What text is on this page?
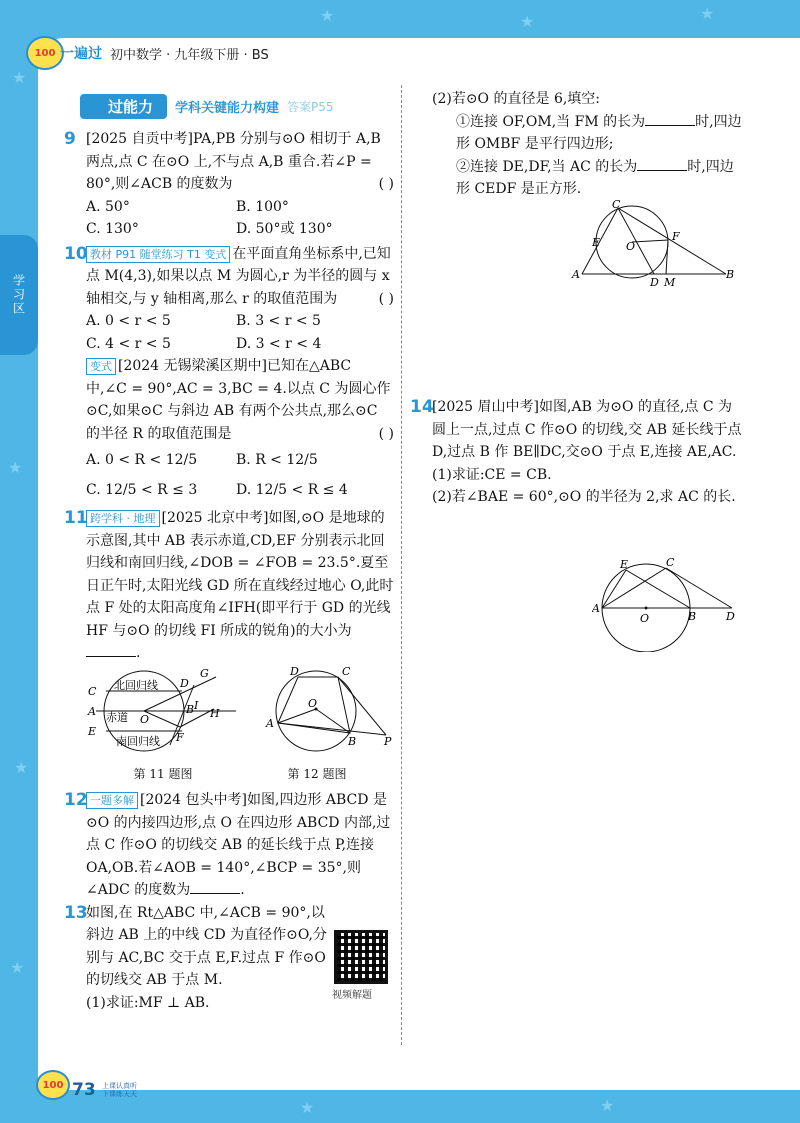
★
★
★
★
★	★	★
★	★
100 一遍过 初中数学 · 九年级下册 · BS
学习区
过能力	学科关键能力构建 答案P55
9 [2025 自贡中考]PA,PB 分别与⊙O 相切于 A,B 两点,点 C 在⊙O 上,不与点 A,B 重合.若∠P = 80°,则∠ACB 的度数为	( )
A. 50°	B. 100°
C. 130°	D. 50°或 130°
10 教材 P91 随堂练习 T1 变式 在平面直角坐标系中,已知点 M(4,3),如果以点 M 为圆心,r 为半径的圆与 x 轴相交,与 y 轴相离,那么 r 的取值范围为	( )
A. 0 < r < 5	B. 3 < r < 5
C. 4 < r < 5	D. 3 < r < 4
变式 [2024 无锡梁溪区期中]已知在△ABC 中,∠C = 90°,AC = 3,BC = 4.以点 C 为圆心作⊙C,如果⊙C 与斜边 AB 有两个公共点,那么⊙C 的半径 R 的取值范围是	( )
A. 0 < R < 12/5	B. R < 12/5
C. 12/5 < R ≤ 3	D. 12/5 < R ≤ 4
11 跨学科 · 地理 [2025 北京中考]如图,⊙O 是地球的示意图,其中 AB 表示赤道,CD,EF 分别表示北回归线和南回归线,∠DOB = ∠FOB = 23.5°.夏至日正午时,太阳光线 GD 所在直线经过地心 O,此时点 F 处的太阳高度角∠IFH(即平行于 GD 的光线 HF 与⊙O 的切线 FI 所成的锐角)的大小为.
北回归线
赤道
南回归线
C
A
E
D
G
B
O
I
H
F
A
D	C
O
B	P
第 11 题图	第 12 题图
12 一题多解 [2024 包头中考]如图,四边形 ABCD 是⊙O 的内接四边形,点 O 在四边形 ABCD 内部,过点 C 作⊙O 的切线交 AB 的延长线于点 P,连接 OA,OB.若∠AOB = 140°,∠BCP = 35°,则∠ADC 的度数为	.
13
如图,在 Rt△ABC 中,∠ACB = 90°,以斜边 AB 上的中线 CD 为直径作⊙O,分别与 AC,BC 交于点 E,F.过点 F 作⊙O 的切线交 AB 于点 M.
(1)求证:MF ⊥ AB.	视频解题
(2)若⊙O 的直径是 6,填空:
①连接 OF,OM,当 FM 的长为	时,四边形 OMBF 是平行四边形;
②连接 DE,DF,当 AC 的长为	时,四边形 CEDF 是正方形.
A
C
E O
F
D M
B
14
[2025 眉山中考]如图,AB 为⊙O 的直径,点 C 为圆上一点,过点 C 作⊙O 的切线,交 AB 延长线于点 D,过点 B 作 BE∥DC,交⊙O 于点 E,连接 AE,AC.
(1)求证:CE = CB.
(2)若∠BAE = 60°,⊙O 的半径为 2,求 AC 的长.
A
E	C
O	B	D
100 73 上课认真听 下课练天天
